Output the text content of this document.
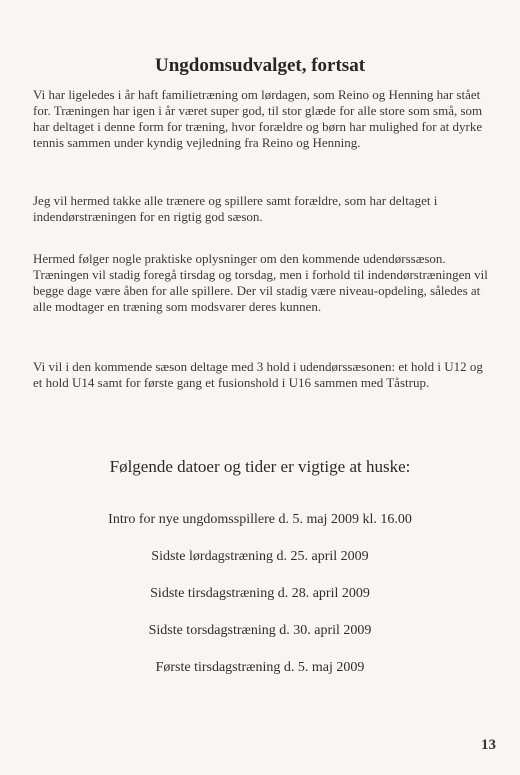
Ungdomsudvalget, fortsat

Vi har ligeledes i år haft familietræning om lørdagen, som Reino og Henning har stået for. Træningen har igen i år været super god, til stor glæde for alle store som små, som har deltaget i denne form for træning, hvor forældre og børn har mulighed for at dyrke tennis sammen under kyndig vejledning fra Reino og Henning.

Jeg vil hermed takke alle trænere og spillere samt forældre, som har deltaget i indendørstræningen for en rigtig god sæson.

Hermed følger nogle praktiske oplysninger om den kommende udendørssæson. Træningen vil stadig foregå tirsdag og torsdag, men i forhold til indendørstræningen vil begge dage være åben for alle spillere. Der vil stadig være niveau-opdeling, således at alle modtager en træning som modsvarer deres kunnen.

Vi vil i den kommende sæson deltage med 3 hold i udendørssæsonen: et hold i U12 og et hold U14 samt for første gang et fusionshold i U16 sammen med Tåstrup.

Følgende datoer og tider er vigtige at huske:
Intro for nye ungdomsspillere d. 5. maj 2009 kl. 16.00
Sidste lørdagstræning d. 25. april 2009
Sidste tirsdagstræning d. 28. april 2009
Sidste torsdagstræning d. 30. april 2009
Første tirsdagstræning d. 5. maj 2009
13
